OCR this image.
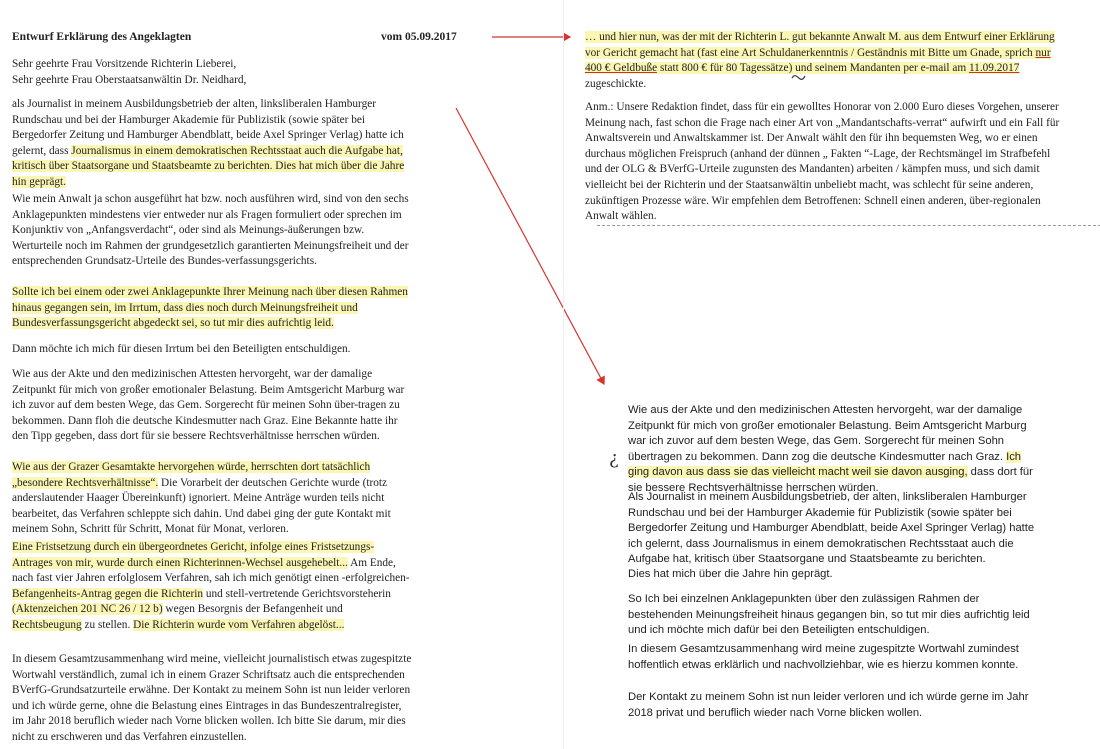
Entwurf Erklärung des Angeklagten	vom 05.09.2017

Sehr geehrte Frau Vorsitzende Richterin Lieberei,

Sehr geehrte Frau Oberstaatsanwältin Dr. Neidhard,

als Journalist in meinem Ausbildungsbetrieb der alten, linksliberalen Hamburger Rundschau und bei der Hamburger Akademie für Publizistik (sowie später bei Bergedorfer Zeitung und Hamburger Abendblatt, beide Axel Springer Verlag) hatte ich gelernt, dass Journalismus in einem demokratischen Rechtsstaat auch die Aufgabe hat, kritisch über Staatsorgane und Staatsbeamte zu berichten. Dies hat mich über die Jahre hin geprägt.
Wie mein Anwalt ja schon ausgeführt hat bzw. noch ausführen wird, sind von den sechs Anklagepunkten mindestens vier entweder nur als Fragen formuliert oder sprechen im Konjunktiv von „Anfangsverdacht“, oder sind als Meinungs-äußerungen bzw. Werturteile noch im Rahmen der grundgesetzlich garantierten Meinungsfreiheit und der entsprechenden Grundsatz-Urteile des Bundes-verfassungsgerichts.
Sollte ich bei einem oder zwei Anklagepunkte Ihrer Meinung nach über diesen Rahmen hinaus gegangen sein, im Irrtum, dass dies noch durch Meinungsfreiheit und Bundesverfassungsgericht abgedeckt sei, so tut mir dies aufrichtig leid.
Dann möchte ich mich für diesen Irrtum bei den Beteiligten entschuldigen.
Wie aus der Akte und den medizinischen Attesten hervorgeht, war der damalige Zeitpunkt für mich von großer emotionaler Belastung. Beim Amtsgericht Marburg war ich zuvor auf dem besten Wege, das Gem. Sorgerecht für meinen Sohn über-tragen zu bekommen. Dann floh die deutsche Kindesmutter nach Graz. Eine Bekannte hatte ihr den Tipp gegeben, dass dort für sie bessere Rechtsverhältnisse herrschen würden.
Wie aus der Grazer Gesamtakte hervorgehen würde, herrschten dort tatsächlich „besondere Rechtsverhältnisse“. Die Vorarbeit der deutschen Gerichte wurde (trotz anderslautender Haager Übereinkunft) ignoriert. Meine Anträge wurden teils nicht bearbeitet, das Verfahren schleppte sich dahin. Und dabei ging der gute Kontakt mit meinem Sohn, Schritt für Schritt, Monat für Monat, verloren.
Eine Fristsetzung durch ein übergeordnetes Gericht, infolge eines Fristsetzungs-Antrages von mir, wurde durch einen Richterinnen-Wechsel ausgehebelt... Am Ende, nach fast vier Jahren erfolglosem Verfahren, sah ich mich genötigt einen -erfolgreichen- Befangenheits-Antrag gegen die Richterin und stell-vertretende Gerichtsvorsteherin (Aktenzeichen 201 NC 26 / 12 b) wegen Besorgnis der Befangenheit und Rechtsbeugung zu stellen. Die Richterin wurde vom Verfahren abgelöst...
In diesem Gesamtzusammenhang wird meine, vielleicht journalistisch etwas zugespitzte Wortwahl verständlich, zumal ich in einem Grazer Schriftsatz auch die entsprechenden BVerfG-Grundsatzurteile erwähne. Der Kontakt zu meinem Sohn ist nun leider verloren und ich würde gerne, ohne die Belastung eines Eintrages in das Bundeszentralregister, im Jahr 2018 beruflich wieder nach Vorne blicken wollen. Ich bitte Sie darum, mir dies nicht zu erschweren und das Verfahren einzustellen.
… und hier nun, was der mit der Richterin L. gut bekannte Anwalt M. aus dem Entwurf einer Erklärung vor Gericht gemacht hat (fast eine Art Schuldanerkenntnis / Geständnis mit Bitte um Gnade, sprich nur 400 € Geldbuße statt 800 € für 80 Tagessätze) und seinem Mandanten per e-mail am 11.09.2017 zugeschickte.
Anm.: Unsere Redaktion findet, dass für ein gewolltes Honorar von 2.000 Euro dieses Vorgehen, unserer Meinung nach, fast schon die Frage nach einer Art von „Mandantschafts-verrat“ aufwirft und ein Fall für Anwaltsverein und Anwaltskammer ist. Der Anwalt wählt den für ihn bequemsten Weg, wo er einen durchaus möglichen Freispruch (anhand der dünnen „ Fakten “-Lage, der Rechtsmängel im Strafbefehl und der OLG & BVerfG-Urteile zugunsten des Mandanten) arbeiten / kämpfen muss, und sich damit vielleicht bei der Richterin und der Staatsanwältin unbeliebt macht, was schlecht für seine anderen, zukünftigen Prozesse wäre. Wir empfehlen dem Betroffenen: Schnell einen anderen, über-regionalen Anwalt wählen.
¿
Wie aus der Akte und den medizinischen Attesten hervorgeht, war der damalige Zeitpunkt für mich von großer emotionaler Belastung. Beim Amtsgericht Marburg war ich zuvor auf dem besten Wege, das Gem. Sorgerecht für meinen Sohn übertragen zu bekommen. Dann zog die deutsche Kindesmutter nach Graz. Ich ging davon aus dass sie das vielleicht macht weil sie davon ausging, dass dort für sie bessere Rechtsverhältnisse herrschen würden.
Als Journalist in meinem Ausbildungsbetrieb, der alten, linksliberalen Hamburger Rundschau und bei der Hamburger Akademie für Publizistik (sowie später bei Bergedorfer Zeitung und Hamburger Abendblatt, beide Axel Springer Verlag) hatte ich gelernt, dass Journalismus in einem demokratischen Rechtsstaat auch die Aufgabe hat, kritisch über Staatsorgane und Staatsbeamte zu berichten.
Dies hat mich über die Jahre hin geprägt.
So Ich bei einzelnen Anklagepunkten über den zulässigen Rahmen der bestehenden Meinungsfreiheit hinaus gegangen bin, so tut mir dies aufrichtig leid und ich möchte mich dafür bei den Beteiligten entschuldigen.
In diesem Gesamtzusammenhang wird meine zugespitzte Wortwahl zumindest hoffentlich etwas erklärlich und nachvollziehbar, wie es hierzu kommen konnte.
Der Kontakt zu meinem Sohn ist nun leider verloren und ich würde gerne im Jahr 2018 privat und beruflich wieder nach Vorne blicken wollen.
